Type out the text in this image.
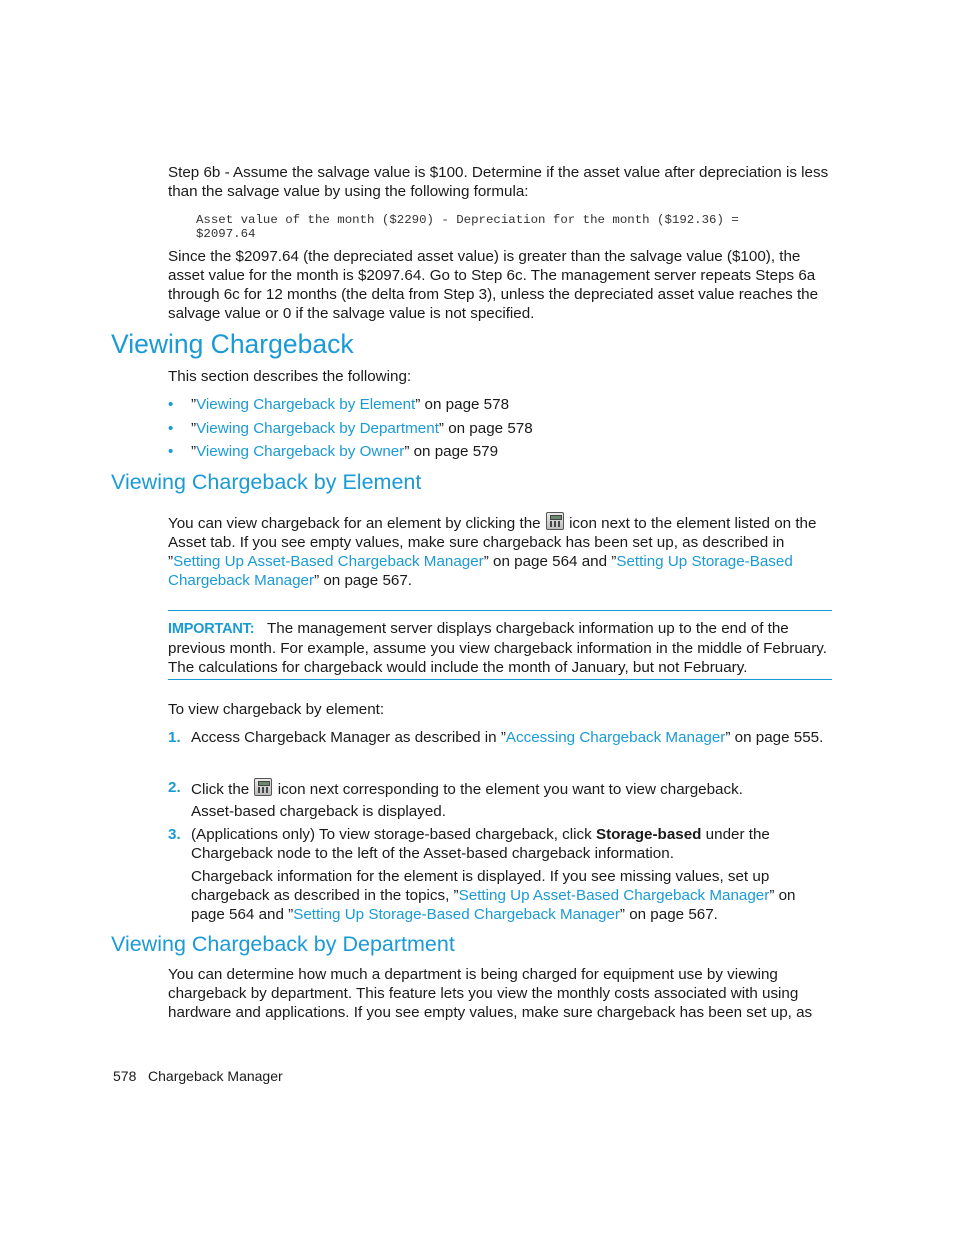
Step 6b - Assume the salvage value is $100. Determine if the asset value after depreciation is less than the salvage value by using the following formula:

Asset value of the month ($2290) - Depreciation for the month ($192.36) =
$2097.64

Since the $2097.64 (the depreciated asset value) is greater than the salvage value ($100), the asset value for the month is $2097.64. Go to Step 6c. The management server repeats Steps 6a through 6c for 12 months (the delta from Step 3), unless the depreciated asset value reaches the salvage value or 0 if the salvage value is not specified.

Viewing Chargeback

This section describes the following:

•	”Viewing Chargeback by Element” on page 578

•	”Viewing Chargeback by Department” on page 578

•	”Viewing Chargeback by Owner” on page 579

Viewing Chargeback by Element

You can view chargeback for an element by clicking the icon next to the element listed on the Asset tab. If you see empty values, make sure chargeback has been set up, as described in ”Setting Up Asset-Based Chargeback Manager” on page 564 and ”Setting Up Storage-Based Chargeback Manager” on page 567.

IMPORTANT: The management server displays chargeback information up to the end of the previous month. For example, assume you view chargeback information in the middle of February. The calculations for chargeback would include the month of January, but not February.

To view chargeback by element:

1. Access Chargeback Manager as described in ”Accessing Chargeback Manager” on page 555.

2. Click the icon next corresponding to the element you want to view chargeback.

Asset-based chargeback is displayed.

3. (Applications only) To view storage-based chargeback, click Storage-based under the Chargeback node to the left of the Asset-based chargeback information.

Chargeback information for the element is displayed. If you see missing values, set up chargeback as described in the topics, ”Setting Up Asset-Based Chargeback Manager” on page 564 and ”Setting Up Storage-Based Chargeback Manager” on page 567.

Viewing Chargeback by Department

You can determine how much a department is being charged for equipment use by viewing chargeback by department. This feature lets you view the monthly costs associated with using hardware and applications. If you see empty values, make sure chargeback has been set up, as

578 Chargeback Manager
